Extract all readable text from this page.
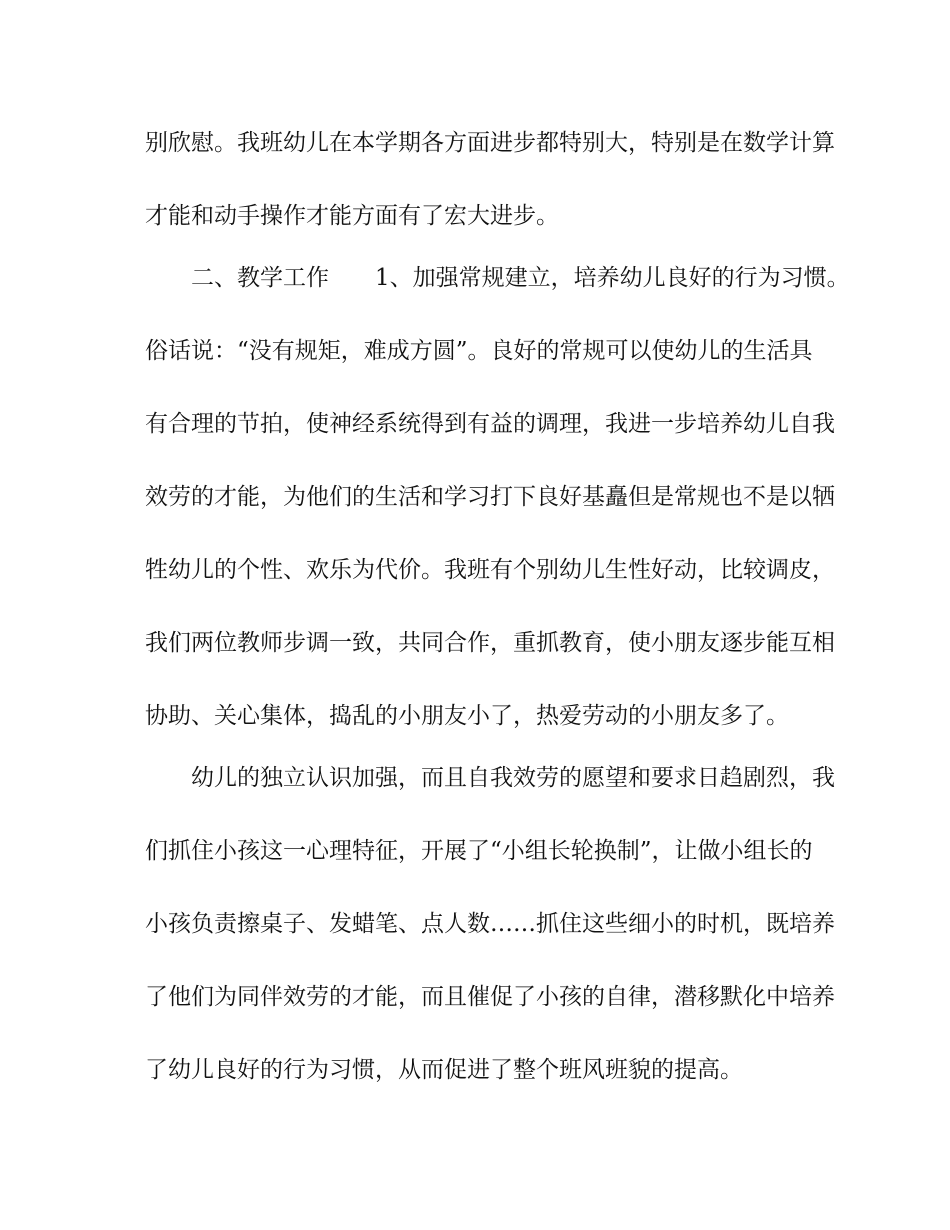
别欣慰。我班幼儿在本学期各方面进步都特别大，特别是在数学计算
才能和动手操作才能方面有了宏大进步。
二、教学工作　　1、加强常规建立，培养幼儿良好的行为习惯。
俗话说：“没有规矩，难成方圆”。良好的常规可以使幼儿的生活具
有合理的节拍，使神经系统得到有益的调理，我进一步培养幼儿自我
效劳的才能，为他们的生活和学习打下良好基矗但是常规也不是以牺
牲幼儿的个性、欢乐为代价。我班有个别幼儿生性好动，比较调皮，
我们两位教师步调一致，共同合作，重抓教育，使小朋友逐步能互相
协助、关心集体，捣乱的小朋友小了，热爱劳动的小朋友多了。
幼儿的独立认识加强，而且自我效劳的愿望和要求日趋剧烈，我
们抓住小孩这一心理特征，开展了“小组长轮换制”，让做小组长的
小孩负责擦桌子、发蜡笔、点人数……抓住这些细小的时机，既培养
了他们为同伴效劳的才能，而且催促了小孩的自律，潜移默化中培养
了幼儿良好的行为习惯，从而促进了整个班风班貌的提高。
